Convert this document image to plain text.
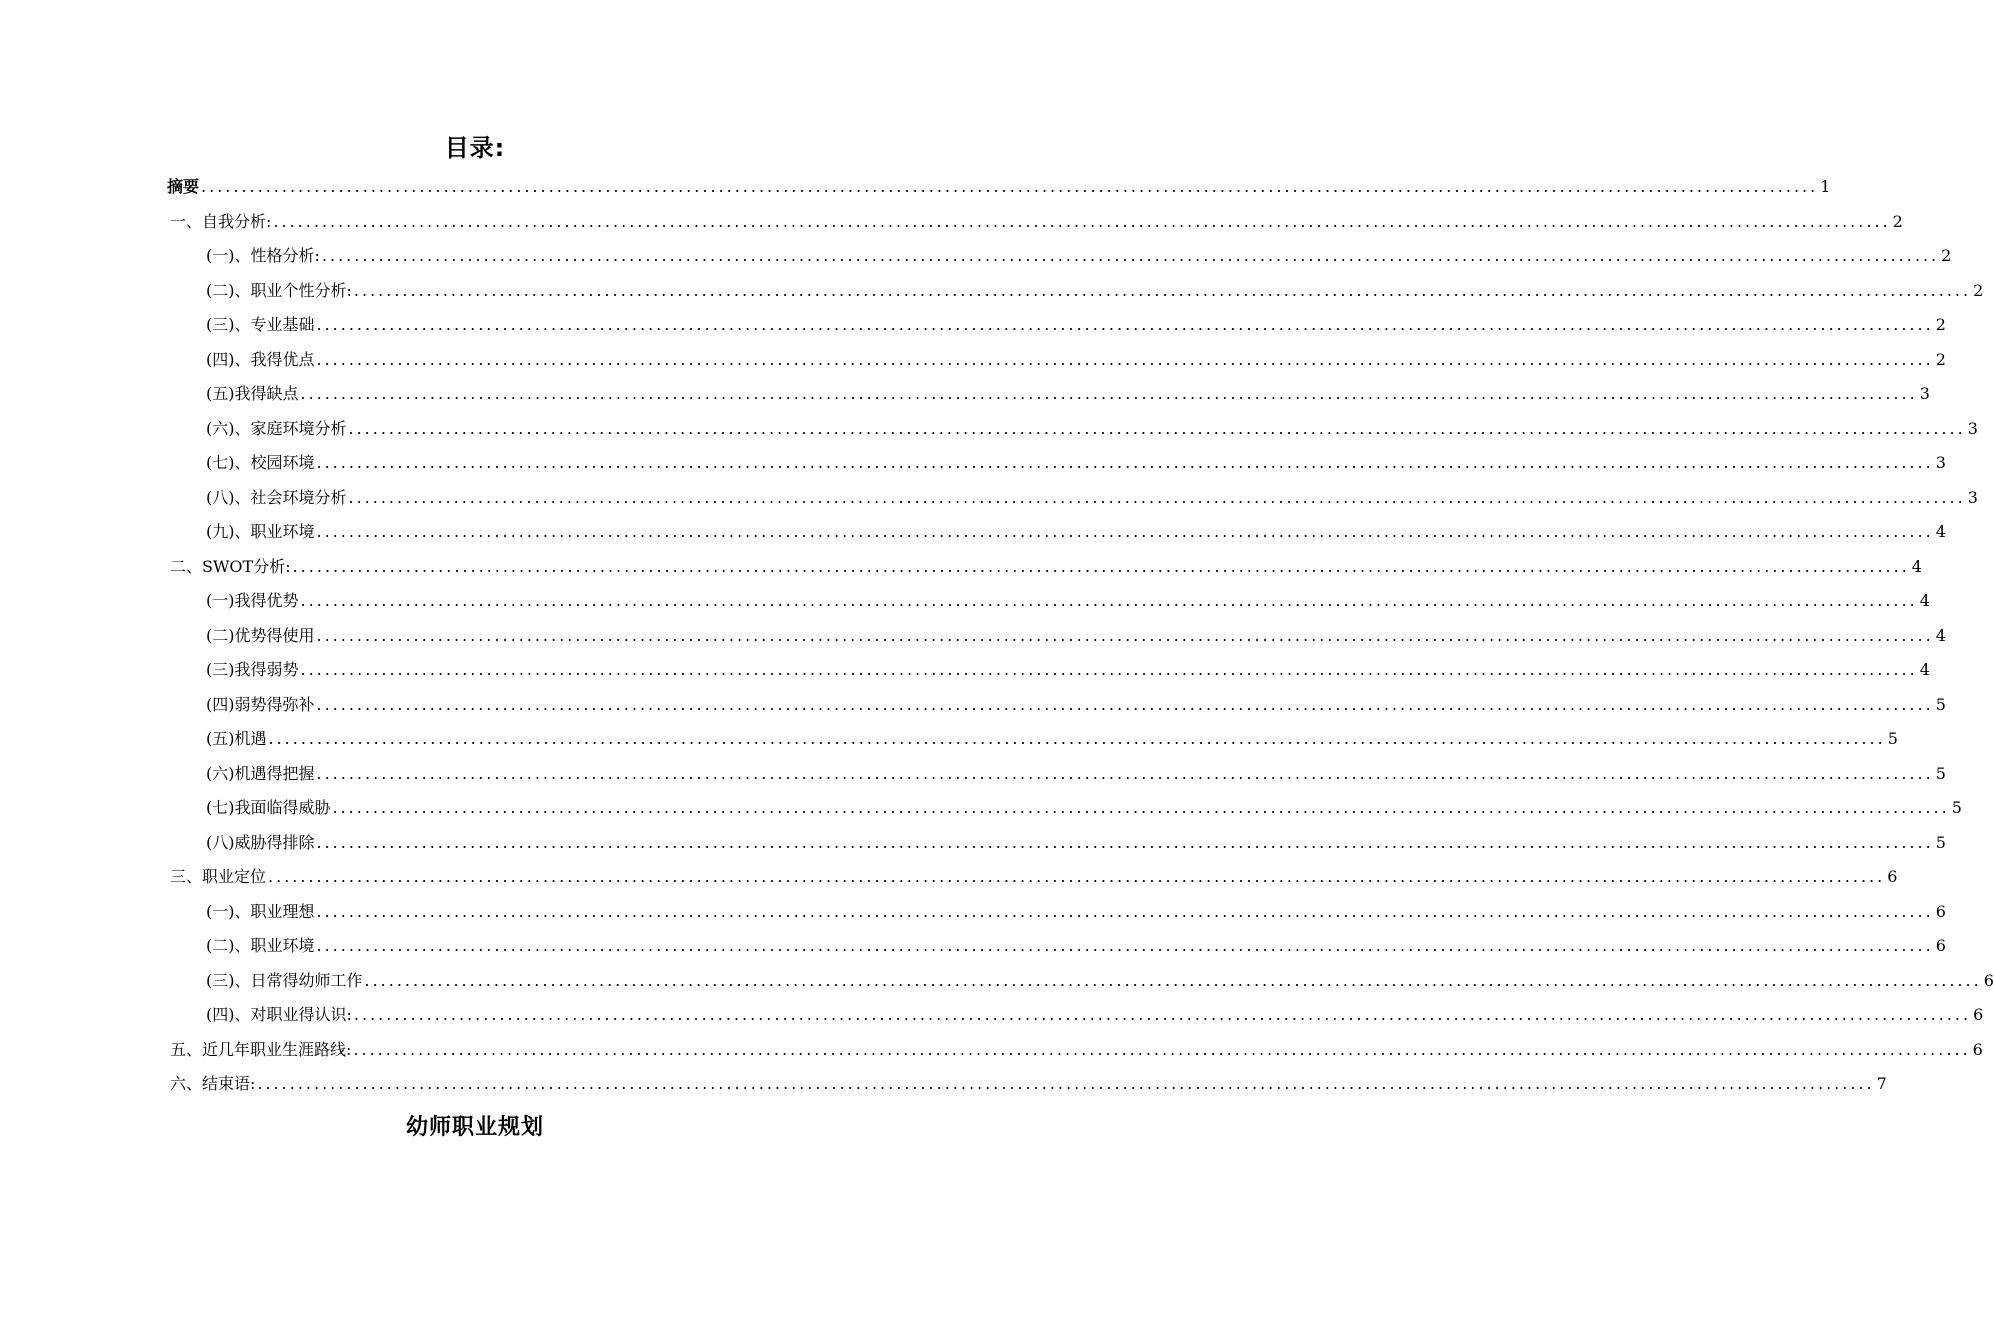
目录:
摘要 ........................................................................................................................................................................................................ 1
一、自我分析: ........................................................................................................................................................................................................ 2
(一)、性格分析: ........................................................................................................................................................................................................ 2
(二)、职业个性分析: ........................................................................................................................................................................................................ 2
(三)、专业基础 ........................................................................................................................................................................................................ 2
(四)、我得优点 ........................................................................................................................................................................................................ 2
(五)我得缺点 ........................................................................................................................................................................................................ 3
(六)、家庭环境分析 ........................................................................................................................................................................................................ 3
(七)、校园环境 ........................................................................................................................................................................................................ 3
(八)、社会环境分析 ........................................................................................................................................................................................................ 3
(九)、职业环境 ........................................................................................................................................................................................................ 4
二、SWOT分析: ........................................................................................................................................................................................................ 4
(一)我得优势 ........................................................................................................................................................................................................ 4
(二)优势得使用 ........................................................................................................................................................................................................ 4
(三)我得弱势 ........................................................................................................................................................................................................ 4
(四)弱势得弥补 ........................................................................................................................................................................................................ 5
(五)机遇 ........................................................................................................................................................................................................ 5
(六)机遇得把握 ........................................................................................................................................................................................................ 5
(七)我面临得威胁 ........................................................................................................................................................................................................ 5
(八)威胁得排除 ........................................................................................................................................................................................................ 5
三、职业定位 ........................................................................................................................................................................................................ 6
(一)、职业理想 ........................................................................................................................................................................................................ 6
(二)、职业环境 ........................................................................................................................................................................................................ 6
(三)、日常得幼师工作 ........................................................................................................................................................................................................ 6
(四)、对职业得认识: ........................................................................................................................................................................................................ 6
五、近几年职业生涯路线: ........................................................................................................................................................................................................ 6
六、结束语: ........................................................................................................................................................................................................ 7
幼师职业规划
